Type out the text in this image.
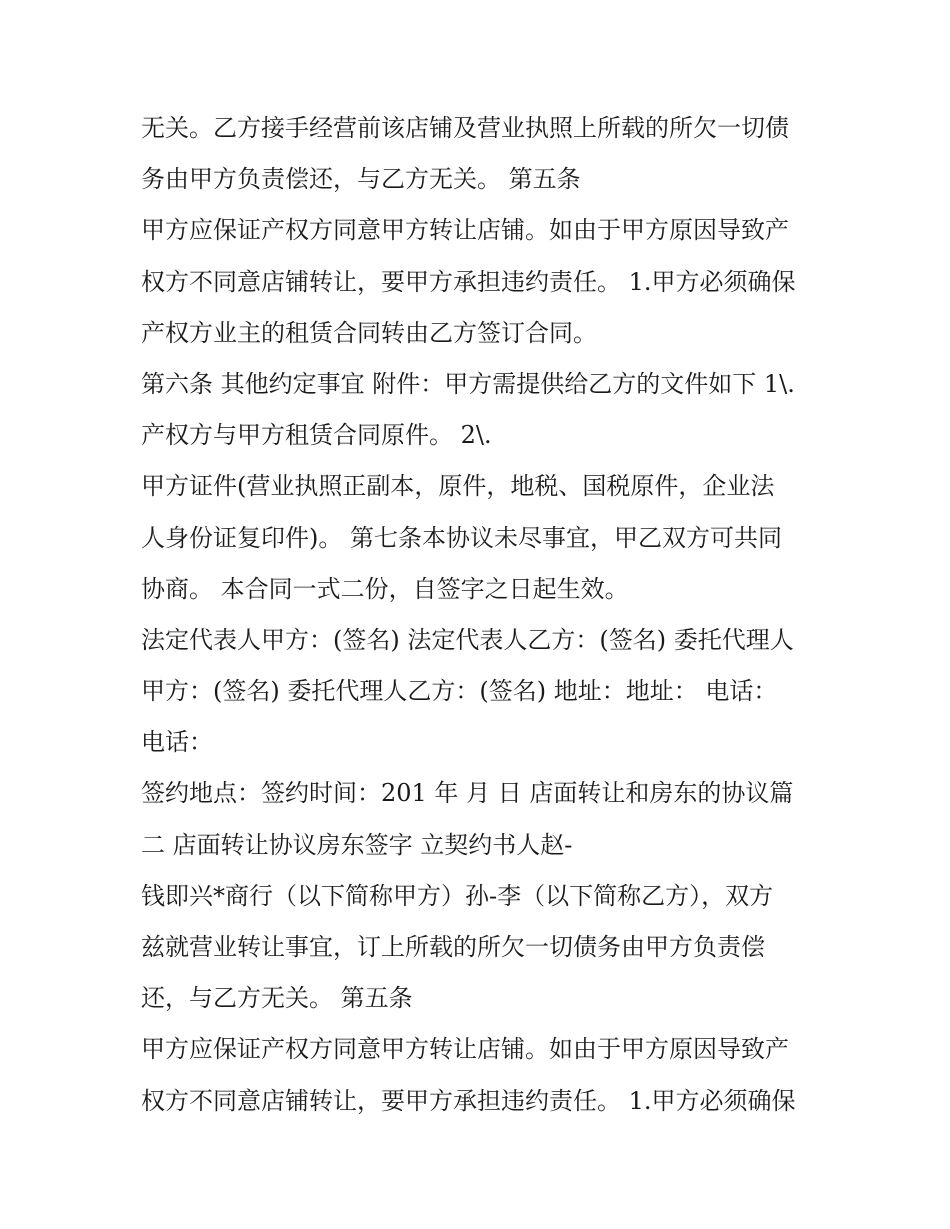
无关。乙方接手经营前该店铺及营业执照上所载的所欠一切债
务由甲方负责偿还，与乙方无关。 第五条
甲方应保证产权方同意甲方转让店铺。如由于甲方原因导致产
权方不同意店铺转让，要甲方承担违约责任。 1.甲方必须确保
产权方业主的租赁合同转由乙方签订合同。
第六条 其他约定事宜 附件：甲方需提供给乙方的文件如下 1\.
产权方与甲方租赁合同原件。 2\.
甲方证件(营业执照正副本，原件，地税、国税原件，企业法
人身份证复印件)。 第七条本协议未尽事宜，甲乙双方可共同
协商。 本合同一式二份，自签字之日起生效。
法定代表人甲方：(签名) 法定代表人乙方：(签名) 委托代理人
甲方：(签名) 委托代理人乙方：(签名) 地址：地址： 电话：
电话：
签约地点：签约时间：201 年 月 日 店面转让和房东的协议篇
二 店面转让协议房东签字 立契约书人赵-
钱即兴*商行（以下简称甲方）孙-李（以下简称乙方），双方
兹就营业转让事宜，订上所载的所欠一切债务由甲方负责偿
还，与乙方无关。 第五条
甲方应保证产权方同意甲方转让店铺。如由于甲方原因导致产
权方不同意店铺转让，要甲方承担违约责任。 1.甲方必须确保
